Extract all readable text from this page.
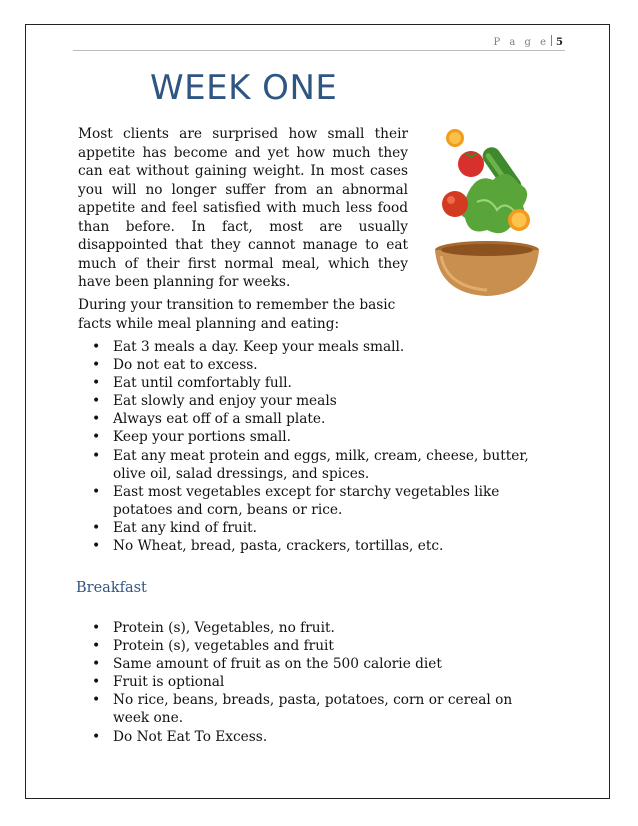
P a g e 5
WEEK ONE

Most clients are surprised how small their appetite has become and yet how much they can eat without gaining weight. In most cases you will no longer suffer from an abnormal appetite and feel satisfied with much less food than before. In fact, most are usually disappointed that they cannot manage to eat much of their first normal meal, which they have been planning for weeks.

During your transition to remember the basic facts while meal planning and eating:

• Eat 3 meals a day. Keep your meals small.
• Do not eat to excess.
• Eat until comfortably full.
• Eat slowly and enjoy your meals
• Always eat off of a small plate.
• Keep your portions small.
• Eat any meat protein and eggs, milk, cream, cheese, butter, olive oil, salad dressings, and spices.
• East most vegetables except for starchy vegetables like potatoes and corn, beans or rice.
• Eat any kind of fruit.
• No Wheat, bread, pasta, crackers, tortillas, etc.
Breakfast
• Protein (s), Vegetables, no fruit.
• Protein (s), vegetables and fruit
• Same amount of fruit as on the 500 calorie diet
• Fruit is optional
• No rice, beans, breads, pasta, potatoes, corn or cereal on week one.
• Do Not Eat To Excess.
